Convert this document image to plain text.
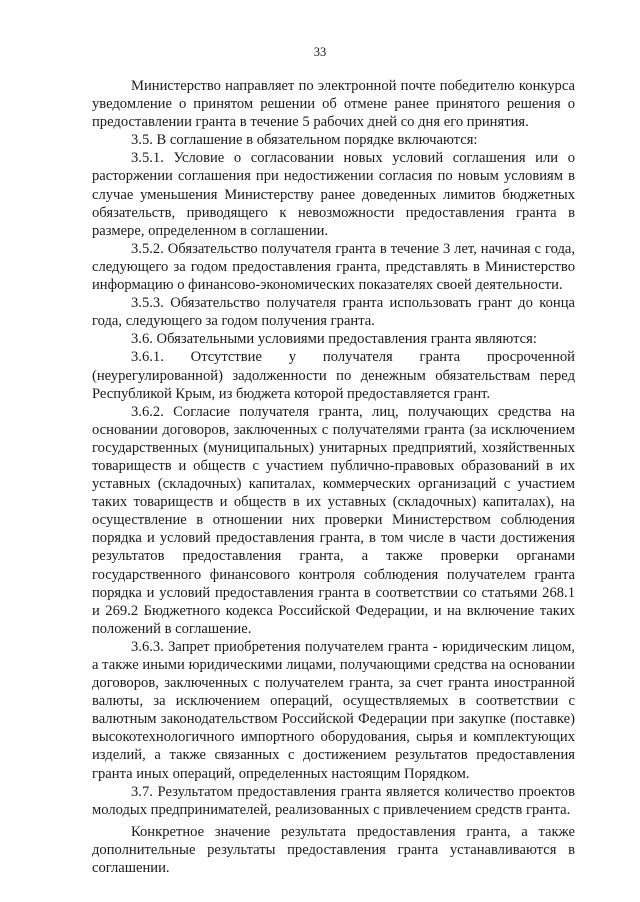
33

Министерство направляет по электронной почте победителю конкурса уведомление о принятом решении об отмене ранее принятого решения о предоставлении гранта в течение 5 рабочих дней со дня его принятия.

3.5. В соглашение в обязательном порядке включаются:

3.5.1. Условие о согласовании новых условий соглашения или о расторжении соглашения при недостижении согласия по новым условиям в случае уменьшения Министерству ранее доведенных лимитов бюджетных обязательств, приводящего к невозможности предоставления гранта в размере, определенном в соглашении.

3.5.2. Обязательство получателя гранта в течение 3 лет, начиная с года, следующего за годом предоставления гранта, представлять в Министерство информацию о финансово-экономических показателях своей деятельности.

3.5.3. Обязательство получателя гранта использовать грант до конца года, следующего за годом получения гранта.

3.6. Обязательными условиями предоставления гранта являются:

3.6.1. Отсутствие у получателя гранта просроченной (неурегулированной) задолженности по денежным обязательствам перед Республикой Крым, из бюджета которой предоставляется грант.

3.6.2. Согласие получателя гранта, лиц, получающих средства на основании договоров, заключенных с получателями гранта (за исключением государственных (муниципальных) унитарных предприятий, хозяйственных товариществ и обществ с участием публично-правовых образований в их уставных (складочных) капиталах, коммерческих организаций с участием таких товариществ и обществ в их уставных (складочных) капиталах), на осуществление в отношении них проверки Министерством соблюдения порядка и условий предоставления гранта, в том числе в части достижения результатов предоставления гранта, а также проверки органами государственного финансового контроля соблюдения получателем гранта порядка и условий предоставления гранта в соответствии со статьями 268.1 и 269.2 Бюджетного кодекса Российской Федерации, и на включение таких положений в соглашение.

3.6.3. Запрет приобретения получателем гранта - юридическим лицом, а также иными юридическими лицами, получающими средства на основании договоров, заключенных с получателем гранта, за счет гранта иностранной валюты, за исключением операций, осуществляемых в соответствии с валютным законодательством Российской Федерации при закупке (поставке) высокотехнологичного импортного оборудования, сырья и комплектующих изделий, а также связанных с достижением результатов предоставления гранта иных операций, определенных настоящим Порядком.

3.7. Результатом предоставления гранта является количество проектов молодых предпринимателей, реализованных с привлечением средств гранта.

Конкретное значение результата предоставления гранта, а также дополнительные результаты предоставления гранта устанавливаются в соглашении.
